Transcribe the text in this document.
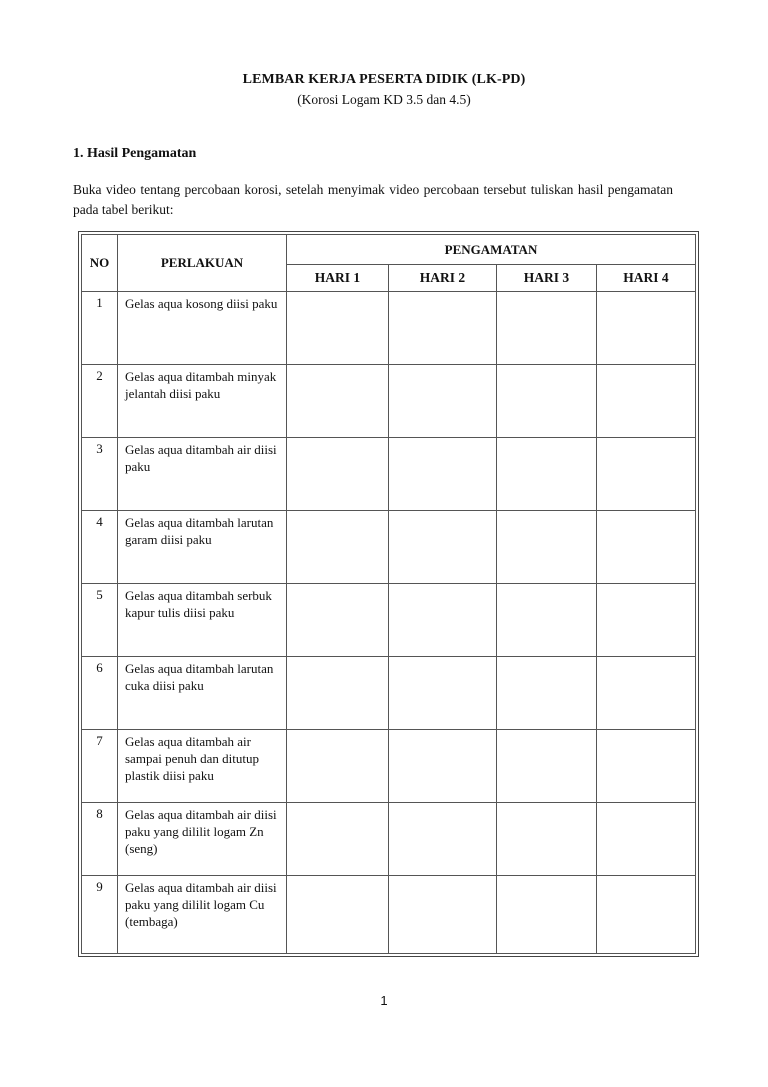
LEMBAR KERJA PESERTA DIDIK (LK-PD)
(Korosi Logam KD 3.5 dan 4.5)
1. Hasil Pengamatan
Buka video tentang percobaan korosi, setelah menyimak video percobaan tersebut tuliskan hasil pengamatan pada tabel berikut:
NO	PERLAKUAN	PENGAMATAN			
		HARI 1	HARI 2	HARI 3	HARI 4
1	Gelas aqua kosong diisi paku				
2	Gelas aqua ditambah minyak jelantah diisi paku				
3	Gelas aqua ditambah air diisi paku				
4	Gelas aqua ditambah larutan garam diisi paku				
5	Gelas aqua ditambah serbuk kapur tulis diisi paku				
6	Gelas aqua ditambah larutan cuka diisi paku				
7	Gelas aqua ditambah air sampai penuh dan ditutup plastik diisi paku				
8	Gelas aqua ditambah air diisi paku yang dililit logam Zn (seng)				
9	Gelas aqua ditambah air diisi paku yang dililit logam Cu (tembaga)				
1
